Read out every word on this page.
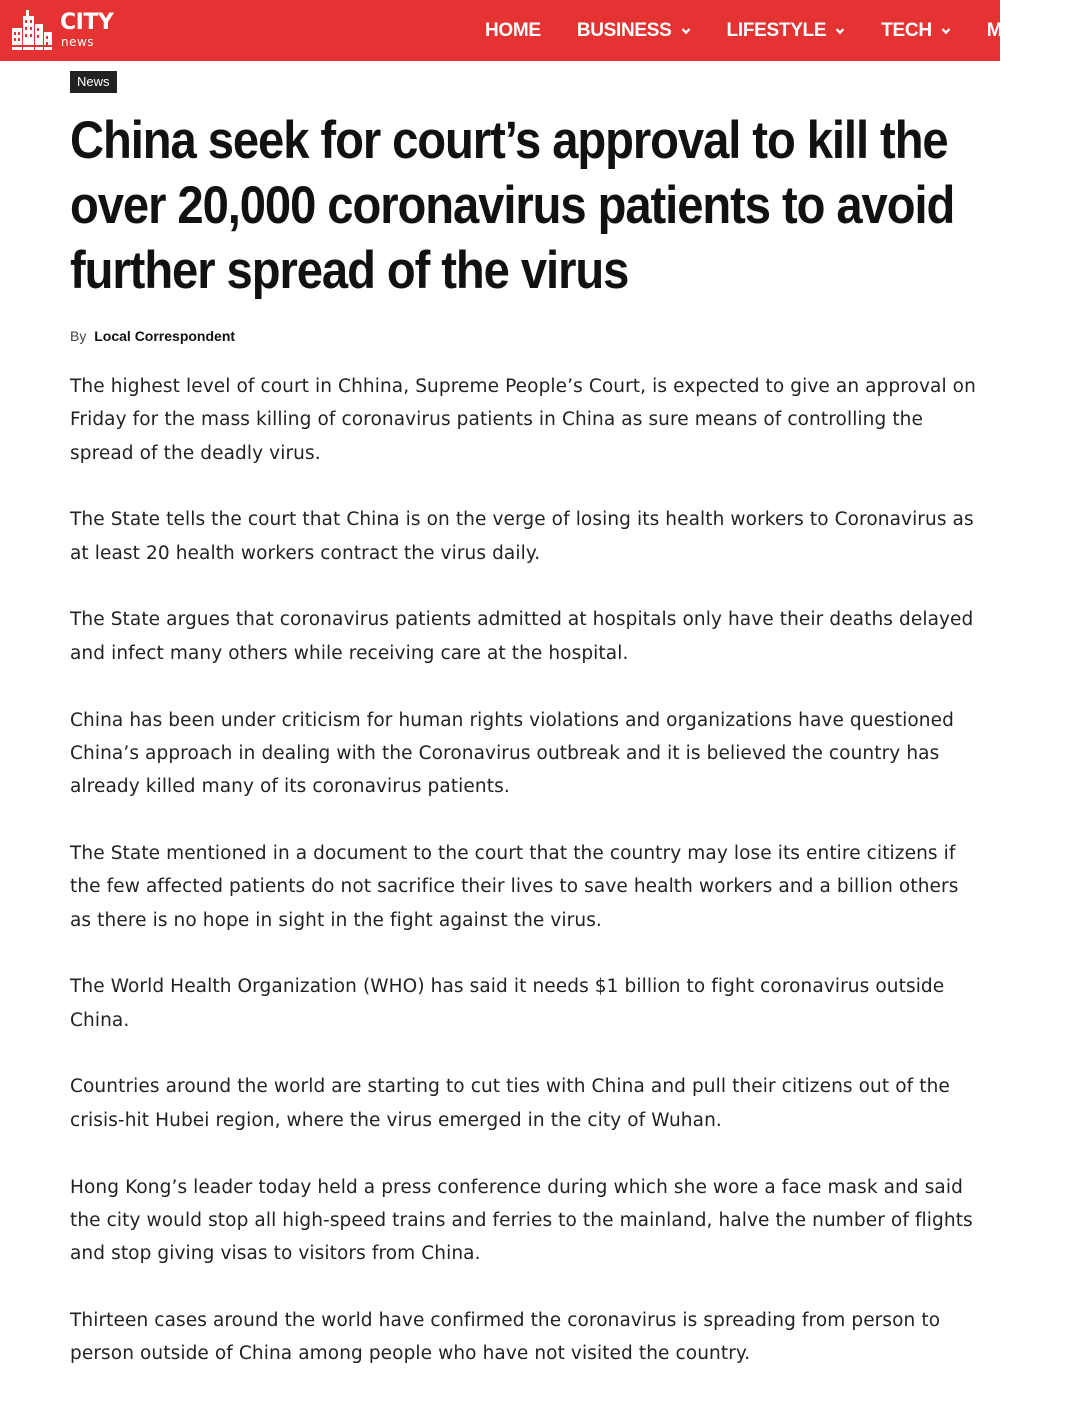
CITY
news
HOME BUSINESS	LIFESTYLE	TECH	MORE
News
China seek for court’s approval to kill the over 20,000 coronavirus patients to avoid further spread of the virus
By Local Correspondent

The highest level of court in Chhina, Supreme People’s Court, is expected to give an approval on Friday for the mass killing of coronavirus patients in China as sure means of controlling the spread of the deadly virus.

The State tells the court that China is on the verge of losing its health workers to Coronavirus as at least 20 health workers contract the virus daily.

The State argues that coronavirus patients admitted at hospitals only have their deaths delayed and infect many others while receiving care at the hospital.

China has been under criticism for human rights violations and organizations have questioned China’s approach in dealing with the Coronavirus outbreak and it is believed the country has already killed many of its coronavirus patients.

The State mentioned in a document to the court that the country may lose its entire citizens if the few affected patients do not sacrifice their lives to save health workers and a billion others as there is no hope in sight in the fight against the virus.

The World Health Organization (WHO) has said it needs $1 billion to fight coronavirus outside China.

Countries around the world are starting to cut ties with China and pull their citizens out of the crisis-hit Hubei region, where the virus emerged in the city of Wuhan.

Hong Kong’s leader today held a press conference during which she wore a face mask and said the city would stop all high-speed trains and ferries to the mainland, halve the number of flights and stop giving visas to visitors from China.

Thirteen cases around the world have confirmed the coronavirus is spreading from person to person outside of China among people who have not visited the country.
